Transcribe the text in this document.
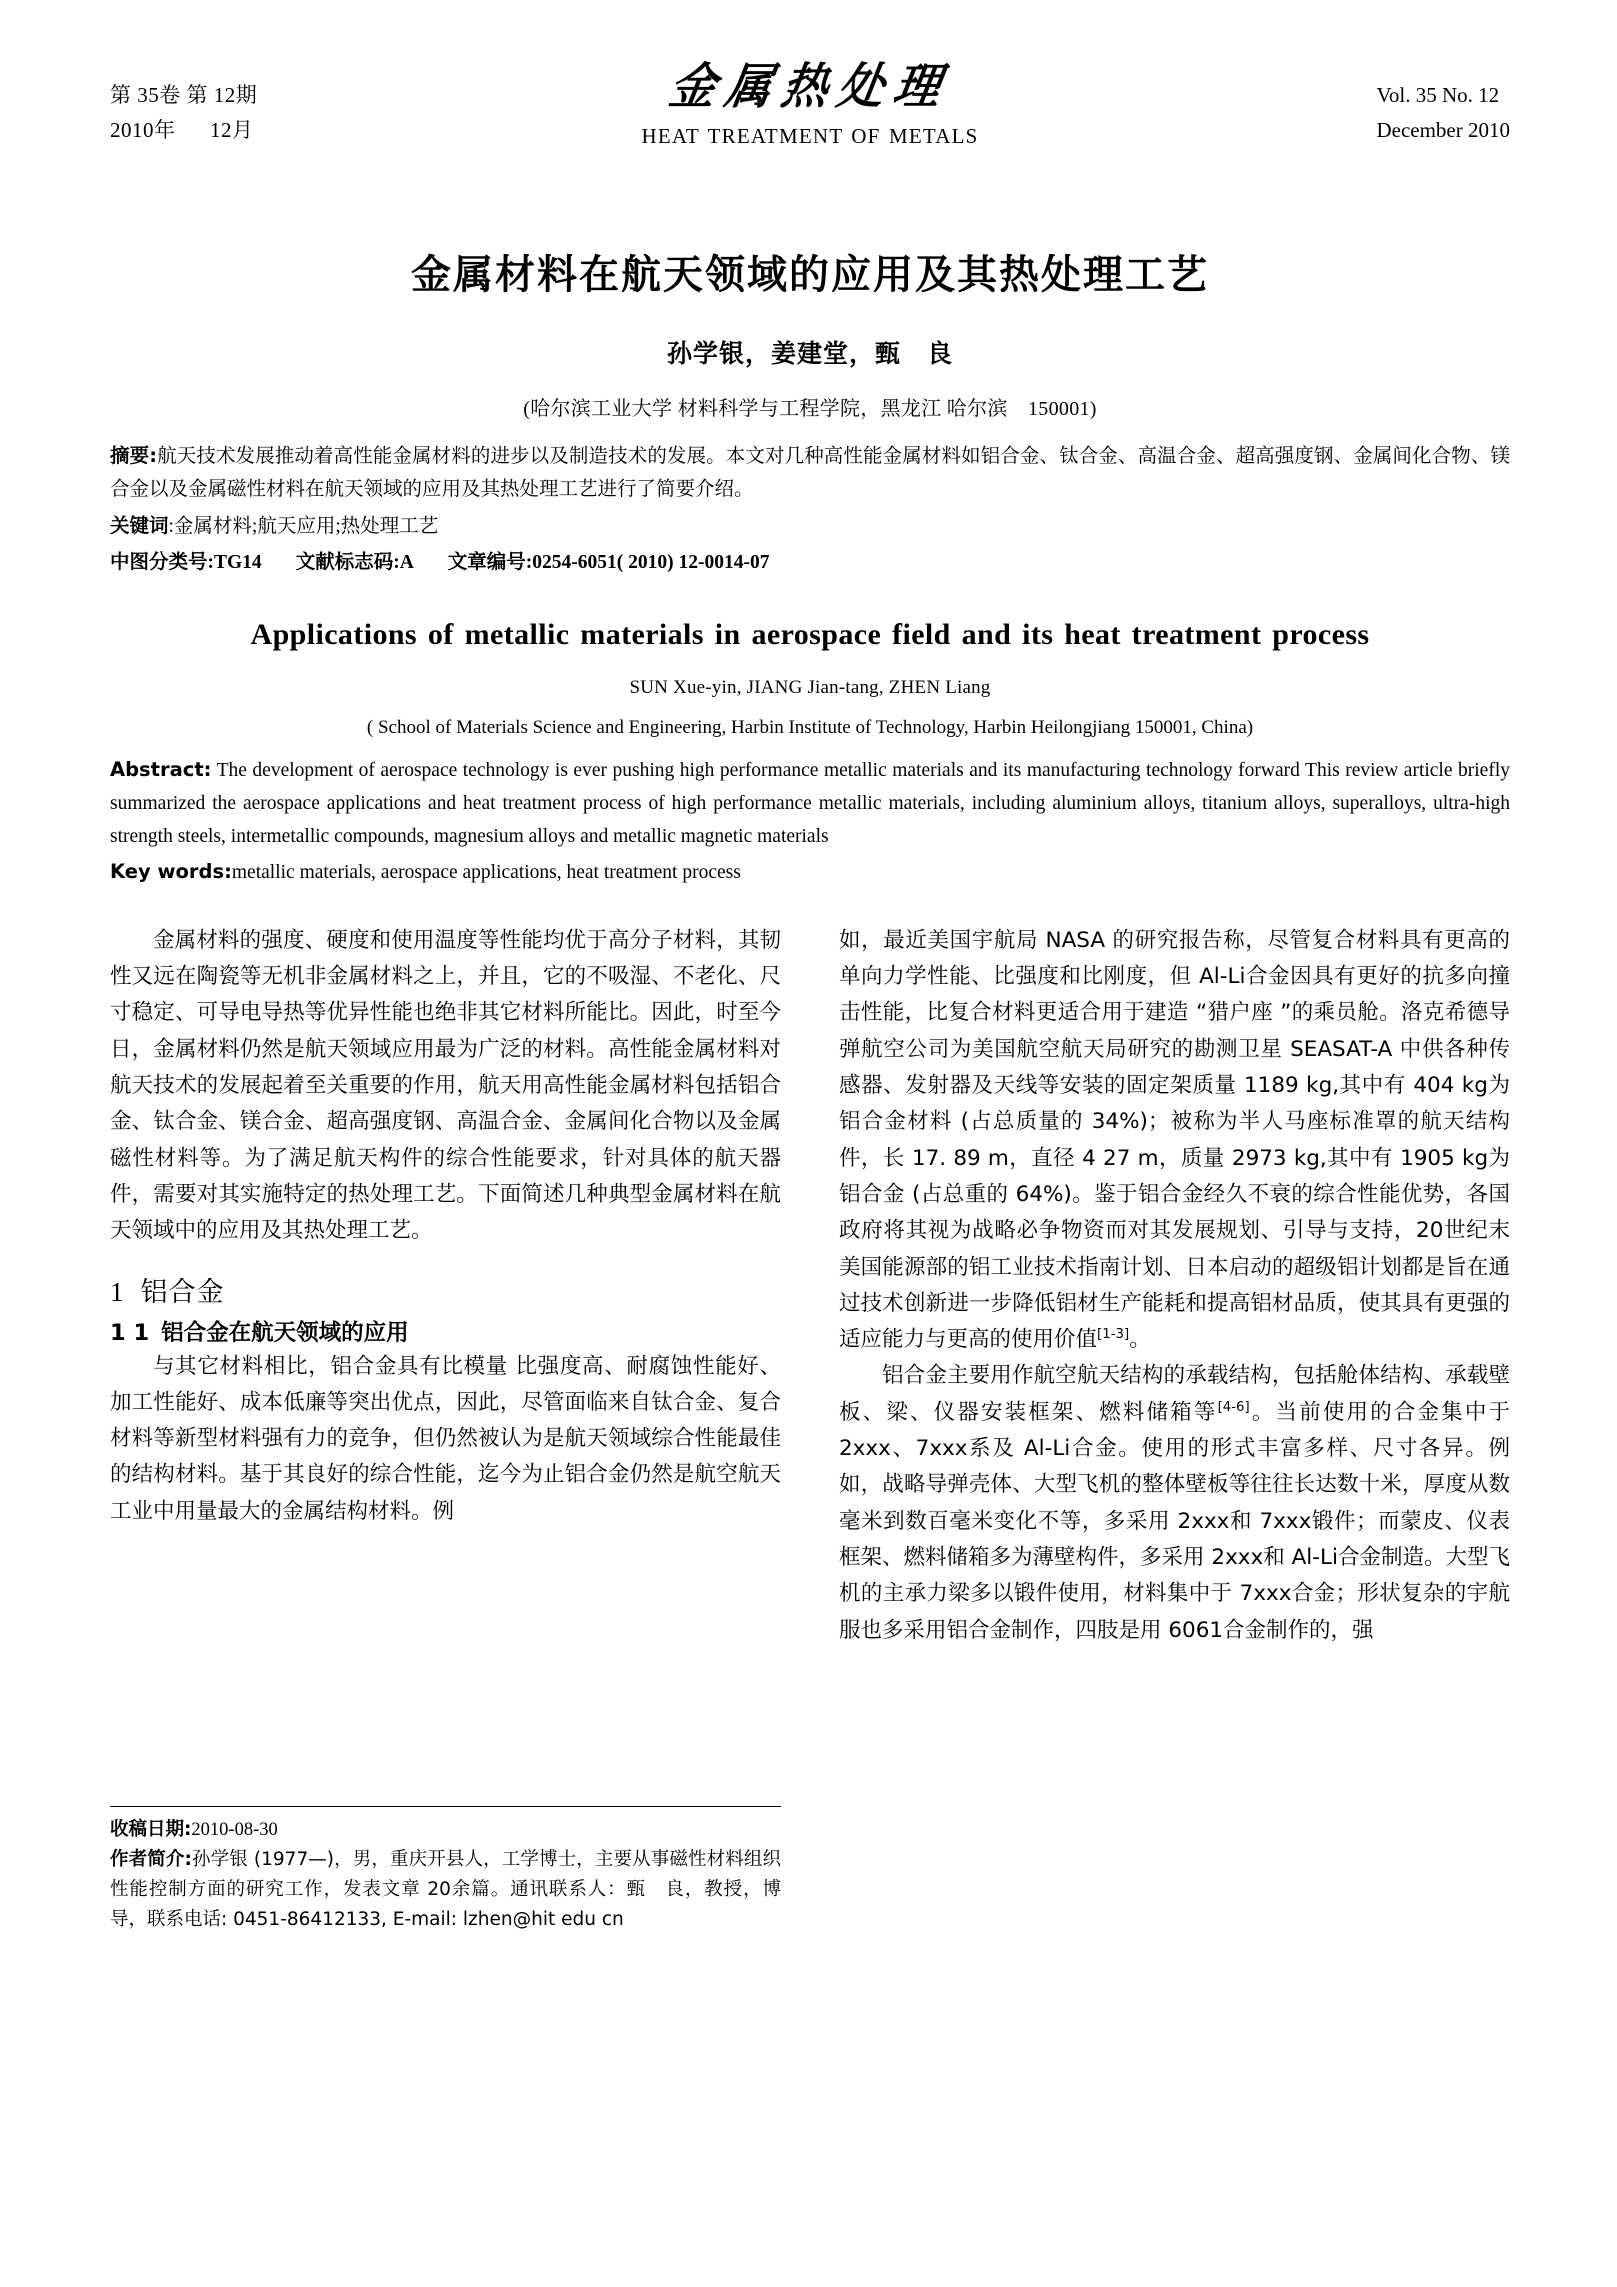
第 35卷 第 12期
2010年      12月
金属热处理
HEAT TREATMENT OF METALS
Vol. 35 No. 12
December 2010
金属材料在航天领域的应用及其热处理工艺
孙学银，姜建堂，甄　良
(哈尔滨工业大学 材料科学与工程学院，黑龙江 哈尔滨　150001)
摘要:航天技术发展推动着高性能金属材料的进步以及制造技术的发展。本文对几种高性能金属材料如铝合金、钛合金、高温合金、超高强度钢、金属间化合物、镁合金以及金属磁性材料在航天领域的应用及其热处理工艺进行了简要介绍。
关键词:金属材料;航天应用;热处理工艺
中图分类号:TG14 文献标志码:A 文章编号:0254-6051( 2010) 12-0014-07
Applications of metallic materials in aerospace field and its heat treatment process
SUN Xue-yin, JIANG Jian-tang, ZHEN Liang
( School of Materials Science and Engineering, Harbin Institute of Technology, Harbin Heilongjiang 150001, China)
Abstract: The development of aerospace technology is ever pushing high performance metallic materials and its manufacturing technology forward This review article briefly summarized the aerospace applications and heat treatment process of high performance metallic materials, including aluminium alloys, titanium alloys, superalloys, ultra-high strength steels, intermetallic compounds, magnesium alloys and metallic magnetic materials
Key words:metallic materials, aerospace applications, heat treatment process

金属材料的强度、硬度和使用温度等性能均优于高分子材料，其韧性又远在陶瓷等无机非金属材料之上，并且，它的不吸湿、不老化、尺寸稳定、可导电导热等优异性能也绝非其它材料所能比。因此，时至今日，金属材料仍然是航天领域应用最为广泛的材料。高性能金属材料对航天技术的发展起着至关重要的作用，航天用高性能金属材料包括铝合金、钛合金、镁合金、超高强度钢、高温合金、金属间化合物以及金属磁性材料等。为了满足航天构件的综合性能要求，针对具体的航天器件，需要对其实施特定的热处理工艺。下面简述几种典型金属材料在航天领域中的应用及其热处理工艺。

1 铝合金
1 1 铝合金在航天领域的应用

与其它材料相比，铝合金具有比模量 比强度高、耐腐蚀性能好、加工性能好、成本低廉等突出优点，因此，尽管面临来自钛合金、复合材料等新型材料强有力的竞争，但仍然被认为是航天领域综合性能最佳的结构材料。基于其良好的综合性能，迄今为止铝合金仍然是航空航天工业中用量最大的金属结构材料。例

收稿日期:2010-08-30

作者简介:孙学银 (1977—)，男，重庆开县人，工学博士，主要从事磁性材料组织性能控制方面的研究工作，发表文章 20余篇。通讯联系人：甄　良，教授，博导，联系电话: 0451-86412133, E-mail: lzhen@hit edu cn

如，最近美国宇航局 NASA 的研究报告称，尽管复合材料具有更高的单向力学性能、比强度和比刚度，但 Al-Li合金因具有更好的抗多向撞击性能，比复合材料更适合用于建造 “猎户座 ”的乘员舱。洛克希德导弹航空公司为美国航空航天局研究的勘测卫星 SEASAT-A 中供各种传感器、发射器及天线等安装的固定架质量 1189 kg,其中有 404 kg为铝合金材料 (占总质量的 34%)；被称为半人马座标准罩的航天结构件，长 17. 89 m，直径 4 27 m，质量 2973 kg,其中有 1905 kg为铝合金 (占总重的 64%)。鉴于铝合金经久不衰的综合性能优势，各国政府将其视为战略必争物资而对其发展规划、引导与支持，20世纪末美国能源部的铝工业技术指南计划、日本启动的超级铝计划都是旨在通过技术创新进一步降低铝材生产能耗和提高铝材品质，使其具有更强的适应能力与更高的使用价值[1-3]。

铝合金主要用作航空航天结构的承载结构，包括舱体结构、承载壁板、梁、仪器安装框架、燃料储箱等[4-6]。当前使用的合金集中于 2xxx、7xxx系及 Al-Li合金。使用的形式丰富多样、尺寸各异。例如，战略导弹壳体、大型飞机的整体壁板等往往长达数十米，厚度从数毫米到数百毫米变化不等，多采用 2xxx和 7xxx锻件；而蒙皮、仪表框架、燃料储箱多为薄壁构件，多采用 2xxx和 Al-Li合金制造。大型飞机的主承力梁多以锻件使用，材料集中于 7xxx合金；形状复杂的宇航服也多采用铝合金制作，四肢是用 6061合金制作的，强
